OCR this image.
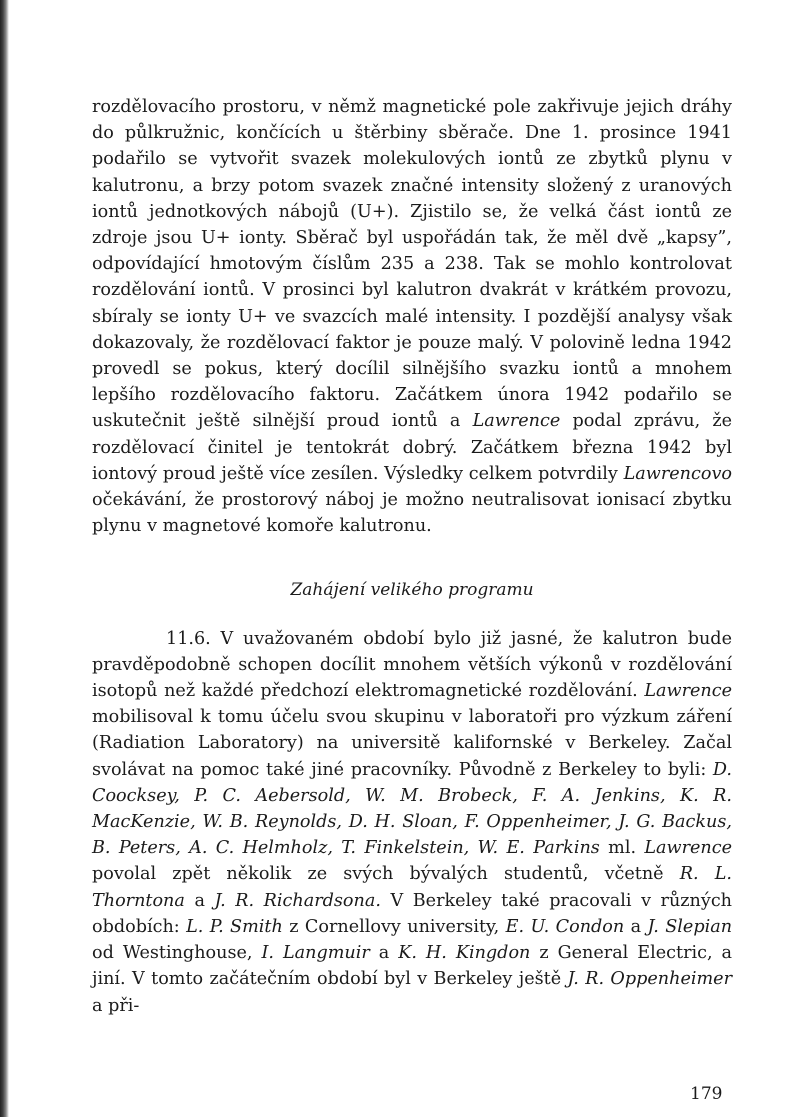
rozdělovacího prostoru, v němž magnetické pole zakřivuje jejich dráhy do půlkružnic, končících u štěrbiny sběrače. Dne 1. prosince 1941 podařilo se vytvořit svazek molekulových iontů ze zbytků plynu v kalutronu, a brzy potom svazek značné intensity složený z uranových iontů jednotkových nábojů (U+). Zjistilo se, že velká část iontů ze zdroje jsou U+ ionty. Sběrač byl uspořádán tak, že měl dvě „kapsy”, odpovídající hmotovým číslům 235 a 238. Tak se mohlo kontrolovat rozdělování iontů. V prosinci byl kalutron dvakrát v krátkém provozu, sbíraly se ionty U+ ve svazcích malé intensity. I pozdější analysy však dokazovaly, že rozdělovací faktor je pouze malý. V polovině ledna 1942 provedl se pokus, který docílil silnějšího svazku iontů a mnohem lepšího rozdělovacího faktoru. Začátkem února 1942 podařilo se uskutečnit ještě silnější proud iontů a Lawrence podal zprávu, že rozdělovací činitel je tentokrát dobrý. Začátkem března 1942 byl iontový proud ještě více zesílen. Výsledky celkem potvrdily Lawrencovo očekávání, že prostorový náboj je možno neutralisovat ionisací zbytku plynu v magnetové komoře kalutronu.

Zahájení velikého programu

11.6. V uvažovaném období bylo již jasné, že kalutron bude pravděpodobně schopen docílit mnohem větších výkonů v rozdělování isotopů než každé předchozí elektromagnetické rozdělování. Lawrence mobilisoval k tomu účelu svou skupinu v laboratoři pro výzkum záření (Radiation Laboratory) na universitě kalifornské v Berkeley. Začal svolávat na pomoc také jiné pracovníky. Původně z Berkeley to byli: D. Coocksey, P. C. Aebersold, W. M. Brobeck, F. A. Jenkins, K. R. MacKenzie, W. B. Reynolds, D. H. Sloan, F. Oppenheimer, J. G. Backus, B. Peters, A. C. Helmholz, T. Finkelstein, W. E. Parkins ml. Lawrence povolal zpět několik ze svých bývalých studentů, včetně R. L. Thorntona a J. R. Richardsona. V Berkeley také pracovali v různých obdobích: L. P. Smith z Cornellovy university, E. U. Condon a J. Slepian od Westinghouse, I. Langmuir a K. H. Kingdon z General Electric, a jiní. V tomto začátečním období byl v Berkeley ještě J. R. Oppenheimer a při-

179
